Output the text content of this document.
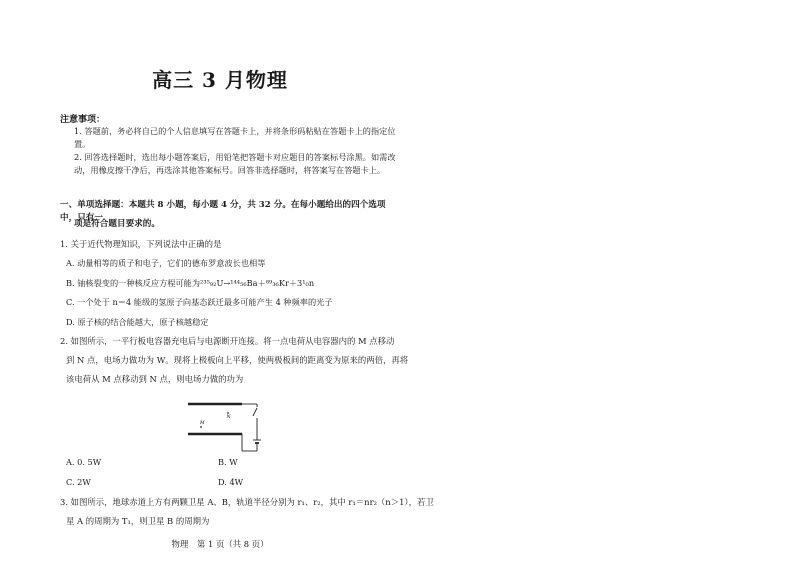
高三 3 月物理
注意事项：
1. 答题前，务必将自己的个人信息填写在答题卡上，并将条形码粘贴在答题卡上的指定位置。
2. 回答选择题时，选出每小题答案后，用铅笔把答题卡对应题目的答案标号涂黑。如需改动，用橡皮擦干净后，再选涂其他答案标号。回答非选择题时，将答案写在答题卡上。
一、单项选择题：本题共 8 小题，每小题 4 分，共 32 分。在每小题给出的四个选项中，只有一
项是符合题目要求的。
1. 关于近代物理知识，下列说法中正确的是
A. 动量相等的质子和电子，它们的德布罗意波长也相等
B. 铀核裂变的一种核反应方程可能为²³⁵₉₂U→¹⁴⁴₅₆Ba＋⁸⁹₃₆Kr＋3¹₀n
C. 一个处于 n＝4 能级的氢原子向基态跃迁最多可能产生 4 种频率的光子
D. 原子核的结合能越大，原子核越稳定
2. 如图所示，一平行板电容器充电后与电源断开连接。将一点电荷从电容器内的 M 点移动
到 N 点，电场力做功为 W。现将上极板向上平移，使两极板间的距离变为原来的两倍，再将
该电荷从 M 点移动到 N 点，则电场力做的功为
N
M
A. 0. 5W	B. W
C. 2W	D. 4W
3. 如图所示，地球赤道上方有两颗卫星 A、B，轨道半径分别为 r₁、r₂，其中 r₁＝nr₂（n＞1），若卫
星 A 的周期为 T₁，则卫星 B 的周期为
物理 第 1 页（共 8 页）
